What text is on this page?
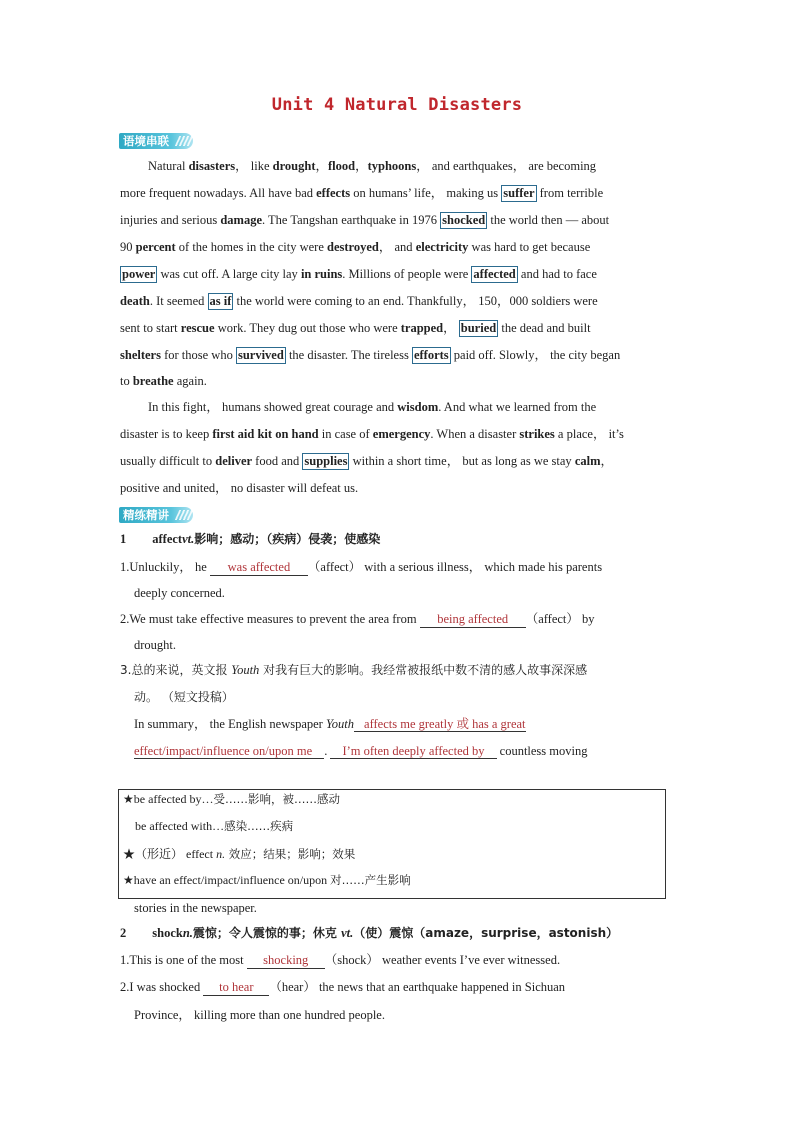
Unit 4 Natural Disasters
语境串联
Natural disasters， like drought，flood，typhoons， and earthquakes， are becoming
more frequent nowadays. All have bad effects on humans’ life， making us suffer from terrible
injuries and serious damage. The Tangshan earthquake in 1976 shocked the world then — about
90 percent of the homes in the city were destroyed， and electricity was hard to get because
power was cut off. A large city lay in ruins. Millions of people were affected and had to face
death. It seemed as if the world were coming to an end. Thankfully， 150，000 soldiers were
sent to start rescue work. They dug out those who were trapped， buried the dead and built
shelters for those who survived the disaster. The tireless efforts paid off. Slowly， the city began
to breathe again.
In this fight， humans showed great courage and wisdom. And what we learned from the
disaster is to keep first aid kit on hand in case of emergency. When a disaster strikes a place， it’s
usually difficult to deliver food and supplies within a short time， but as long as we stay calm，
positive and united， no disaster will defeat us.
精练精讲
1 affectvt.影响；感动；（疾病）侵袭；使感染
1.Unluckily， he was affected （affect） with a serious illness， which made his parents
deeply concerned.
2.We must take effective measures to prevent the area from being affected （affect） by
drought.
3.总的来说，英文报 Youth 对我有巨大的影响。我经常被报纸中数不清的感人故事深深感
动。 （短文投稿）
In summary， the English newspaper Youth affects me greatly 或 has a great
effect/impact/influence on/upon me . I’m often deeply affected by countless moving
★be affected by…受……影响，被……感动
be affected with…感染……疾病
★（形近） effect n. 效应；结果；影响；效果
★have an effect/impact/influence on/upon 对……产生影响
stories in the newspaper.
2 shockn.震惊；令人震惊的事；休克 vt.（使）震惊（amaze，surprise，astonish）
1.This is one of the most shocking （shock） weather events I’ve ever witnessed.
2.I was shocked to hear （hear） the news that an earthquake happened in Sichuan
Province， killing more than one hundred people.
